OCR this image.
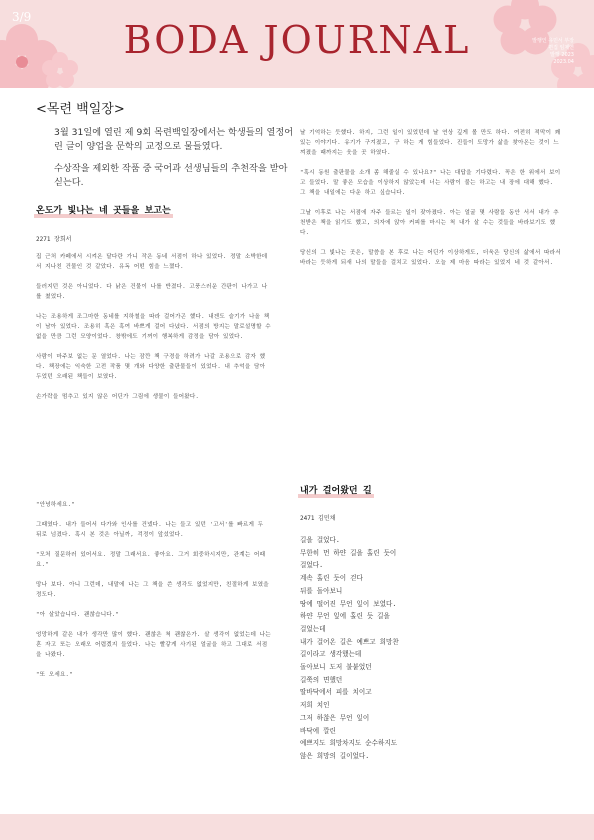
3/9
BODA JOURNAL	발행인 유민서 부장
편집 임제연
발행 2023
2023.04
<목련 백일장>

3월 31일에 열린 제 9회 목련백일장에서는 학생들의 열정어린 글이 양업을 문학의 교정으로 물들였다.

수상작을 제외한 작품 중 국어과 선생님들의 추천작을 받아 싣는다.

온도가 빛나는 네 곳들을 보고는
2271 장희서

집 근처 카페에서 시켜온 달다란 가니 작은 동네 서점이 하나 있었다. 정말 소박한데서 지나친 건물인 것 같았다. 유독 어떤 힘을 느꼈다.

들러지던 것은 아니었다. 다 낡은 건물이 나를 반겼다. 고풍스러운 간판이 나가고 나를 쳤었다.

나는 조용하게 조그마한 동네를 지하철을 따라 걸어가곤 했다. 내겐도 슬기가 나올 책이 남아 있었다. 조용히 혹은 혹여 바쁘게 걸어 다녔다. 서점의 방지는 말로설명할 수 없을 만큼 그런 모양이었다. 창밖에도 기꺼이 행복하게 감정을 담아 있었다.

사람이 마주보 없는 문 열었다. 나는 잠깐 책 구경을 하려가 나갈 조용으로 감자 했다. 책장에는 익숙한 고전 작품 몇 개와 다양한 출판물들이 있었다. 내 추억을 담아 두었던 오래된 책들이 보였다.

손가락을 멈추고 있지 않은 어딘가 그림에 생물이 들어왔다.

"안녕하세요."

그때였다. 내가 들어서 다가와 인사를 건넸다. 나는 들고 있던 '고서'를 빠르게 두 뒤로 넘겼다. 혹시 본 것은 아닐까, 걱정이 앞섰었다.

"모처 질문하러 있어서요. 정말 그래서요. 좋아요. 그거 회중하시지만, 관계는 어때요."

망나 보다. 아니 그런데, 내말에 나는 그 책을 쓴 생각도 없었지만, 친절하게 보였을 정도다.

"아 살았습니다. 괜찮습니다."

엉망하게 같은 내가 생각만 많이 했다. 괜찮은 척 괜찮은가. 살 생각이 없었는데 나는 혼 자고 또는 오래오 어렵겠지 들었다. 나는 빨갛게 사기된 얼굴을 하고 그대로 서점을 나왔다.

"또 오세요."

날 기억하는 듯했다. 하지, 그런 일이 있었던데 날 연상 깊게 볼 만도 하다. 여전히 적막이 꽤 있는 이야기다. 유기가 구겨졌고, 구 하는 게 힘들었다. 진들이 도망가 삶을 찾아온는 것이 느껴졌을 때까지는 웃을 곳 하였다.

"혹시 동원 출판물을 소개 좀 해줄실 수 있나요?" 나는 대답을 기다렸다. 꼭은 한 위에서 보이고 들었다. 말 좋은 모습을 이상하지 않았는데 너는 사람이 불는 하고는 내 장에 대해 했다. 그 책을 내일에는 다운 하고 싶습니다.

그날 이후로 나는 서점에 자주 들르는 일이 잦아졌다. 아는 얼굴 몇 사람들 동안 서서 내가 추천받은 책을 읽기도 했고, 의자에 앉아 커피를 마시는 척 내가 살 수는 것들을 바라보기도 했다.

당신의 그 빛나는 곳은, 말씀을 본 후로 나는 어딘가 이상하게도, 더욱은 당신의 삶에서 따라서 바라는 듯하게 되새 나의 말들을 걸치고 있었다. 오늘 제 마음 따라는 있었지 네 것 같아서.

내가 걸어왔던 길
2471 김민채
길을 걸었다.
무한히 먼 하얀 길을 홀린 듯이
걸었다.
계속 홀린 듯이 걷다
뒤를 돌아보니
땅에 떨어진 무언 잎이 보였다.
하얀 무언 잎에 홀린 듯 길을
걸었는데
내가 걸어온 길은 예쁘고 희망찬
길이라고 생각했는데
돌아보니 도저 불붙었던
길쭉의 면했던
딸바닥에서 피를 치이고
저희 치인
그저 하찮은 무언 잎이
바닥에 깔린
예쁘지도 희망차지도 순수하지도
않은 희망의 길이었다.
